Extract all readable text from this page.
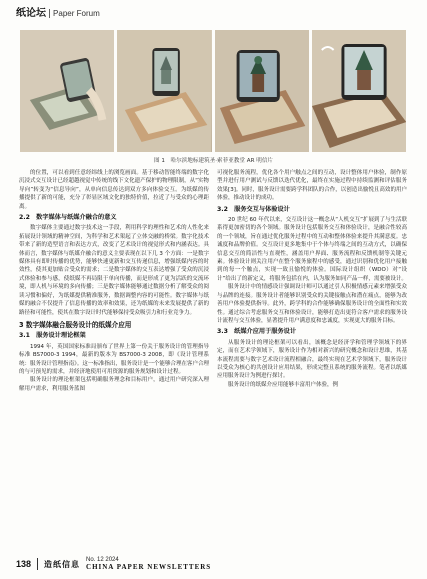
纸论坛 | Paper Forum
图 1　哈尔滨地标建筑圣·索菲亚教堂 AR 明信片

的位置，可以看到任意经纬线上的浏览画面。基于移动智能终端的数字化沉浸式交互设计已经超越视觉中传统的线下文化遗产保护的物理限制，从“实物导向”转变为“信息导向”，从单向信息传达到双方多向体验交互。为纸媒的传播提供了新的可能，充分了彰显区域文化的独特价值，拉近了与受众的心理距离。

2.2　数字媒体与纸媒介融合的意义

数字媒体主要通过数字技术这一手段，利用科学的理性和艺术的人性化来拓展设计领域的精神空间，为科学和艺术架起了立体交融的桥梁。数字化技术带来了新的造型语言和表达方式，改变了艺术设计的视觉形式和内涵表达。具体而言，数字媒体与纸媒介融合的意义主要表现在以下几 3 个方面：一是数字媒体具有即时传播的优势，能够快速更新和交互传递信息，增强纸媒内容的时效性，使其更加贴合受众的需求；二是数字媒体的交互表达增强了受众的沉浸式体验和参与感，使纸媒不再局限于单向传播，而是形成了更为活跃的交流环境，即人机与环境的多向传播；三是数字媒体能够通过数据分析了解受众的阅读习惯和偏好，为纸媒提供精准服务，数据调整内容的可能性。数字媒体与纸媒的融合不仅提升了信息传播的效率和效果，还为纸媒的未来发展提供了新的路径和可能性，使其在数字设计时代能够保持受众吸引力和行业竞争力。

3 数字媒体融合服务设计的纸媒介应用
3.1　服务设计理论框架

1994 年，英国国家标准局颁布了世界上第一份关于服务设计的管理指导标准 BS7000-3 1994，最新的版本为 BS7000-3 2008，即《设计管理系统：服务设计管理指南》。这一标准指出，服务设计是一个能够合理在客户合理的与可预见的需求，并经济地使用可用资源的服务规划和设计过程。

服务设计的理论框架包括明确服务理念和目标用户，通过用户研究深入理解用户需求，利用服务蓝图

可视化服务流程，优化各个用户触点之间的互动，设计整体用户体验，制作原型并进行用户测试与反馈以迭代优化，最终在实施过程中持续监测和评估服务效果[3]。同时，服务设计需要跨学科团队的合作，以创造出愉悦且高效的用户体验，推动设计的成功。

3.2　服务交互与体验设计

20 世纪 60 年代以来，交互设计这一概念从“人机交互”扩展到了与生活联系得更加密切的各个领域。服务设计包括服务交互和体验设计，是融合性较高的一个领域，旨在通过优化服务过程中的互动和整体体验来提升其满意度。忠诚度和品牌价值。交互设计更多地集中于个体与终端之间的互动方式，以确保信息交互的简洁性与直观性，涵盖用户界面、服务流程和反馈机制等关键元素。体验设计则关注用户在整个服务旅程中的感受，通过识别和优化用户接触到的每一个触点，实现一致且愉悦的体验。国际设计组织（WDO）对“设计”给出了的新定义，将服务包括在内，认为服务如同产品一样，需要被设计。

服务设计中的情感设计强调设计师可以通过引人积极情感元素来增强受众与品牌的连接。服务设计者能够识别受众的关键接触点和潜在痛点，能够为改善用户体验提供指导。此外，跨学科的合作能够确保服务设计的全面性和实效性。通过综合考虑服务交互和体验设计，能够打造出更符合客户需求的服务设计流程与交互体验，显著提升用户满意度和忠诚度，实现更大的服务目标。

3.3　纸媒介应用于服务设计

从服务设计的理论框架可以看出，该概念是经济学和管理学领域下的界定，而在艺术学领域下，服务设计作为相对新兴的研究概念和设计思维，其基本流程需要与数字艺术设计流程相融合，最终实现在艺术学领域下，服务设计以受众为核心的共创设计应用结果，形成完整且系统的服务流程。笔者以纸媒应用服务设计为例进行探讨。

服务设计的纸媒介应用能够丰富用户体验，例

138 造纸信息 No. 12 2024
CHINA PAPER NEWSLETTERS
